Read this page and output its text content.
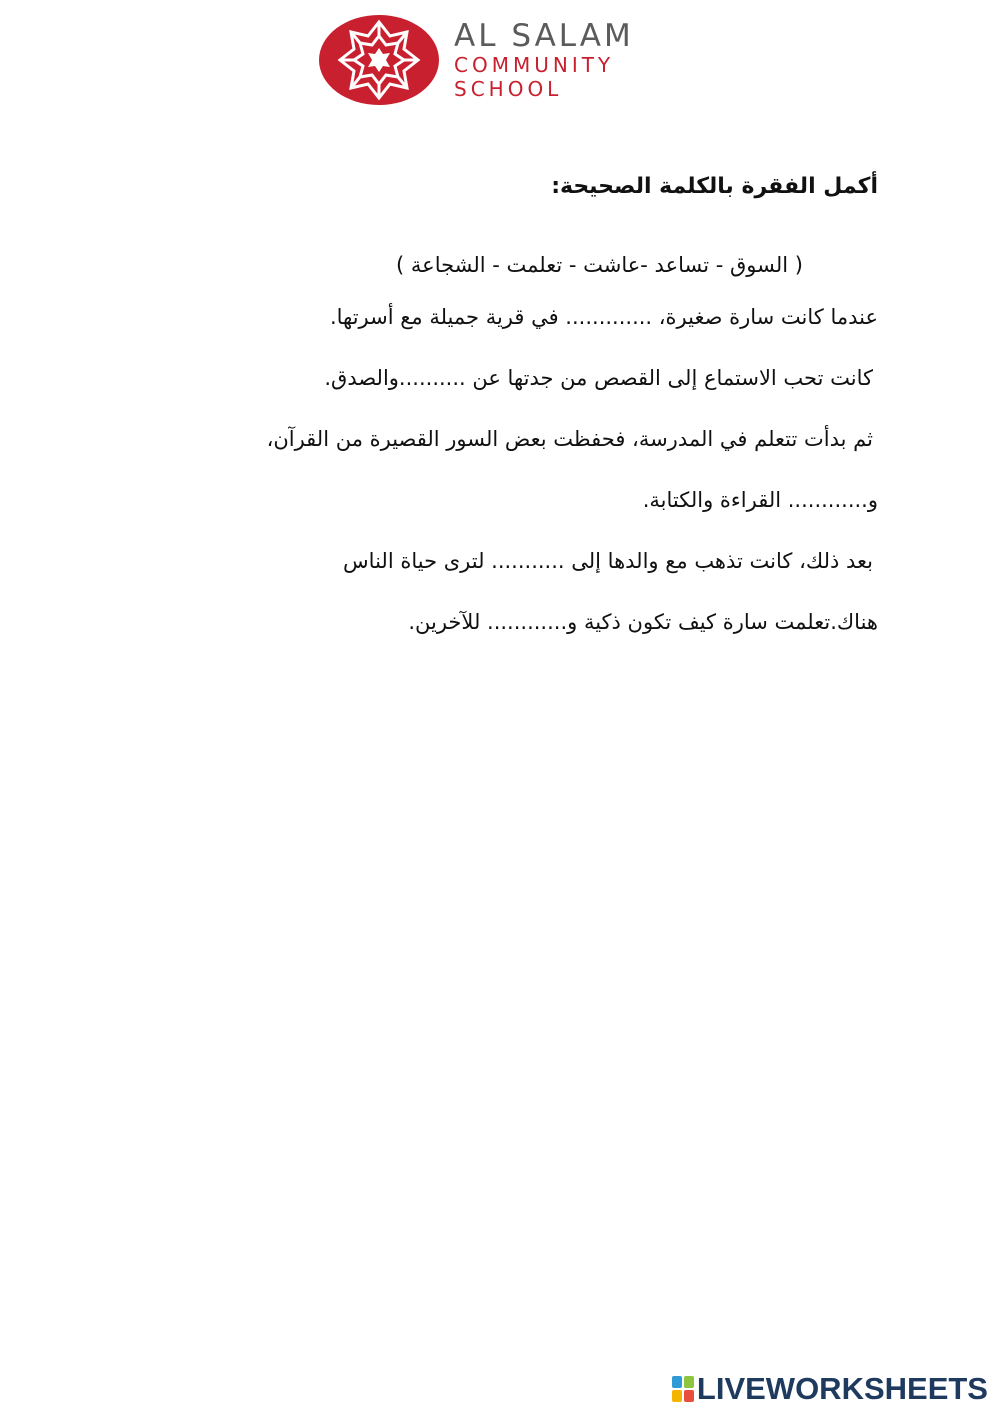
AL SALAM
COMMUNITY
SCHOOL
أكمل الفقرة بالكلمة الصحيحة:
( السوق - تساعد -عاشت - تعلمت - الشجاعة )
عندما كانت سارة صغيرة، ............. في قرية جميلة مع أسرتها.
كانت تحب الاستماع إلى القصص من جدتها عن ..........والصدق.
ثم بدأت تتعلم في المدرسة، فحفظت بعض السور القصيرة من القرآن،
و............ القراءة والكتابة.
بعد ذلك، كانت تذهب مع والدها إلى ........... لترى حياة الناس
هناك.تعلمت سارة كيف تكون ذكية و............ للآخرين.
LIVEWORKSHEETS
